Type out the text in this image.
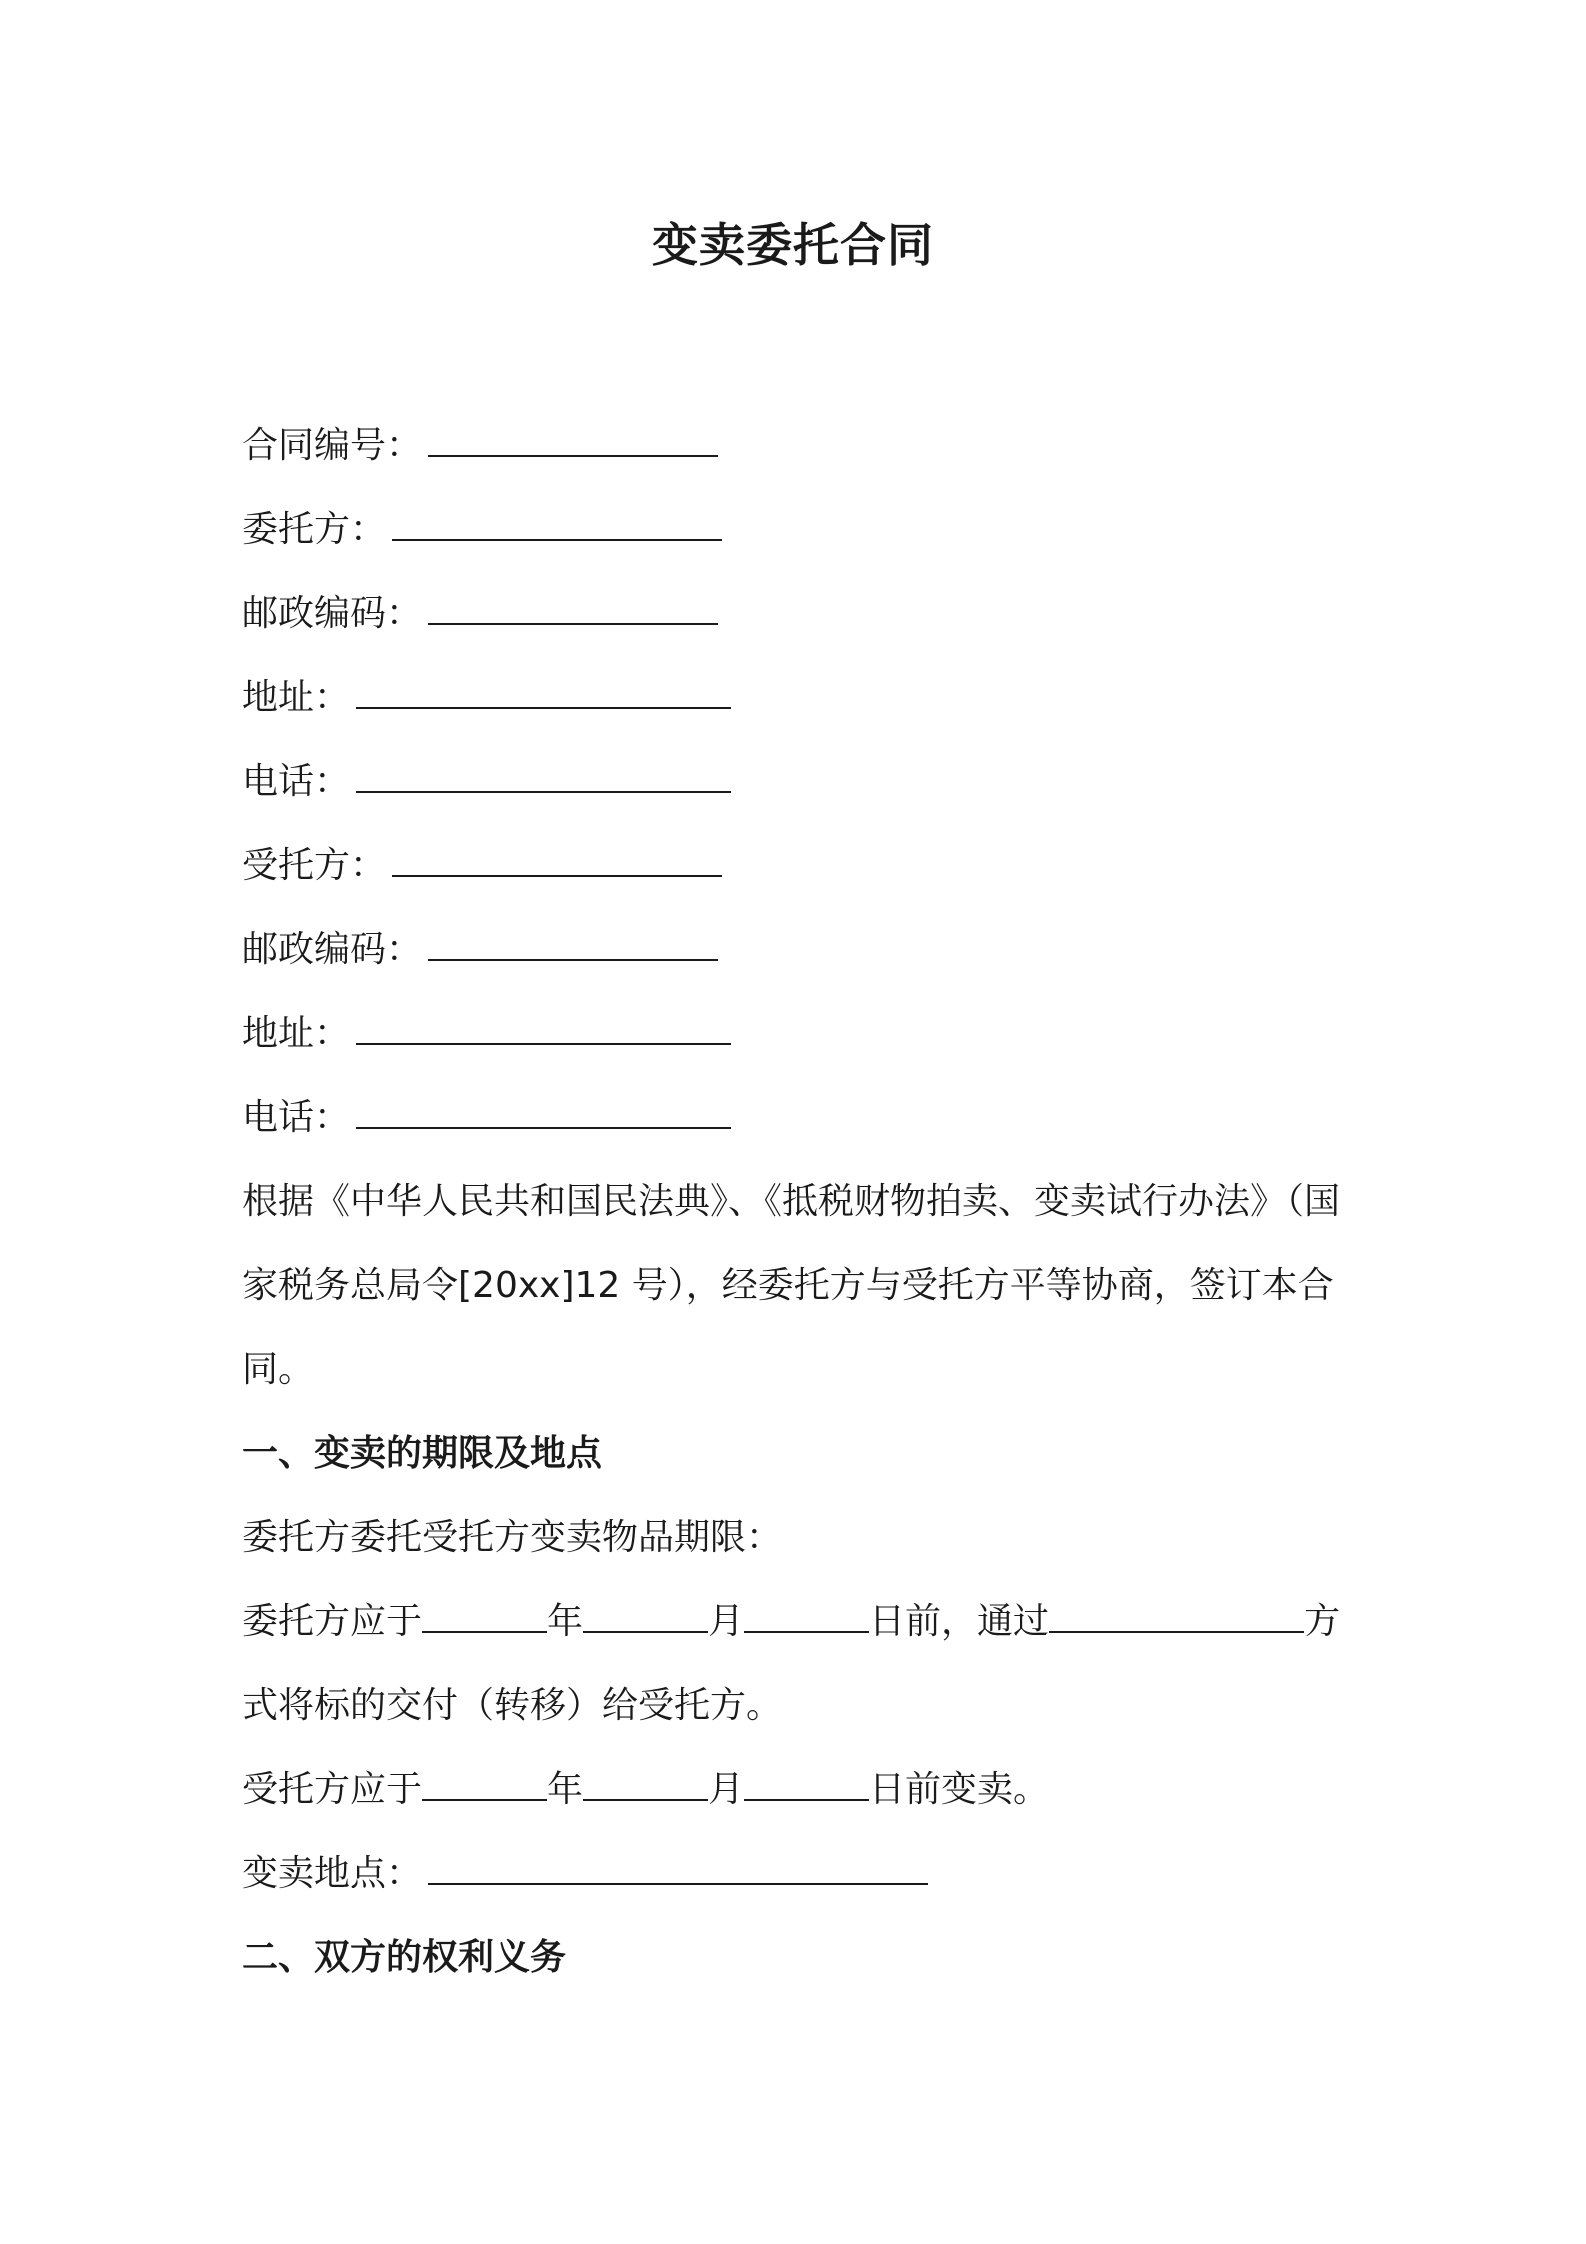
变卖委托合同
合同编号：
委托方：
邮政编码：
地址：
电话：
受托方：
邮政编码：
地址：
电话：
根据《中华人民共和国民法典》、《抵税财物拍卖、变卖试行办法》（国家税务总局令[20xx]12 号），经委托方与受托方平等协商，签订本合同。
一、变卖的期限及地点
委托方委托受托方变卖物品期限：
委托方应于	年	月	日前，通过	方式将标的交付（转移）给受托方。
受托方应于	年	月	日前变卖。
变卖地点：
二、双方的权利义务
